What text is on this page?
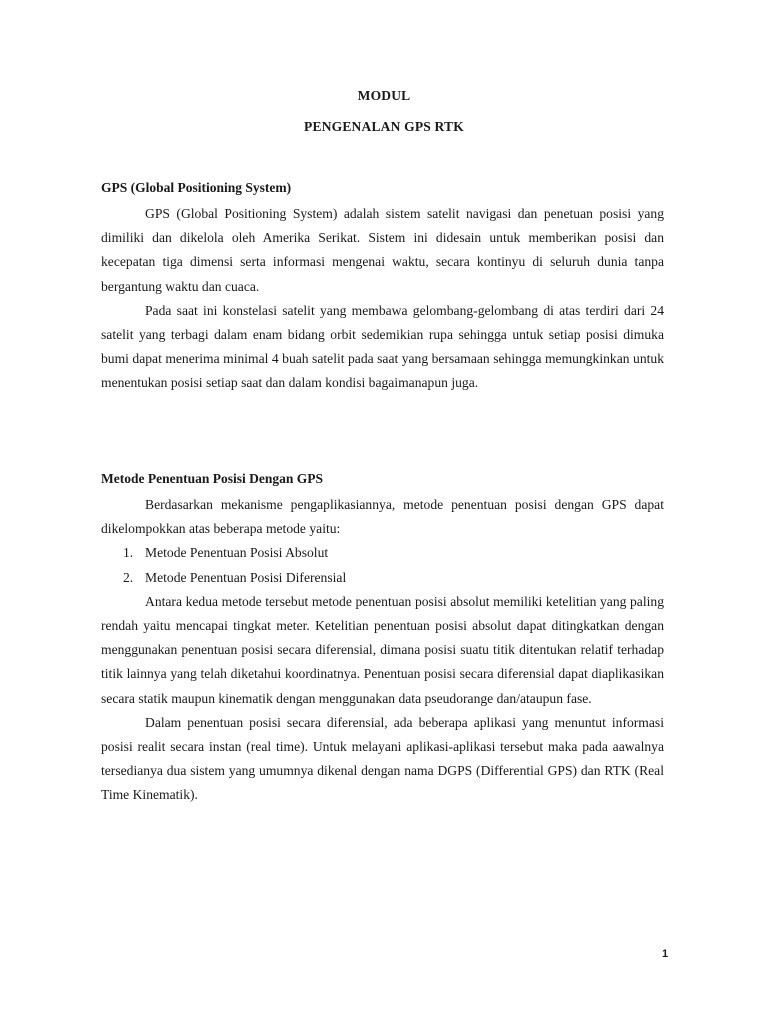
MODUL
PENGENALAN GPS RTK
GPS (Global Positioning System)

GPS (Global Positioning System) adalah sistem satelit navigasi dan penetuan posisi yang dimiliki dan dikelola oleh Amerika Serikat. Sistem ini didesain untuk memberikan posisi dan kecepatan tiga dimensi serta informasi mengenai waktu, secara kontinyu di seluruh dunia tanpa bergantung waktu dan cuaca.

Pada saat ini konstelasi satelit yang membawa gelombang-gelombang di atas terdiri dari 24 satelit yang terbagi dalam enam bidang orbit sedemikian rupa sehingga untuk setiap posisi dimuka bumi dapat menerima minimal 4 buah satelit pada saat yang bersamaan sehingga memungkinkan untuk menentukan posisi setiap saat dan dalam kondisi bagaimanapun juga.

Metode Penentuan Posisi Dengan GPS

Berdasarkan mekanisme pengaplikasiannya, metode penentuan posisi dengan GPS dapat dikelompokkan atas beberapa metode yaitu:

1. Metode Penentuan Posisi Absolut
2. Metode Penentuan Posisi Diferensial

Antara kedua metode tersebut metode penentuan posisi absolut memiliki ketelitian yang paling rendah yaitu mencapai tingkat meter. Ketelitian penentuan posisi absolut dapat ditingkatkan dengan menggunakan penentuan posisi secara diferensial, dimana posisi suatu titik ditentukan relatif terhadap titik lainnya yang telah diketahui koordinatnya. Penentuan posisi secara diferensial dapat diaplikasikan secara statik maupun kinematik dengan menggunakan data pseudorange dan/ataupun fase.

Dalam penentuan posisi secara diferensial, ada beberapa aplikasi yang menuntut informasi posisi realit secara instan (real time). Untuk melayani aplikasi-aplikasi tersebut maka pada aawalnya tersedianya dua sistem yang umumnya dikenal dengan nama DGPS (Differential GPS) dan RTK (Real Time Kinematik).

1
